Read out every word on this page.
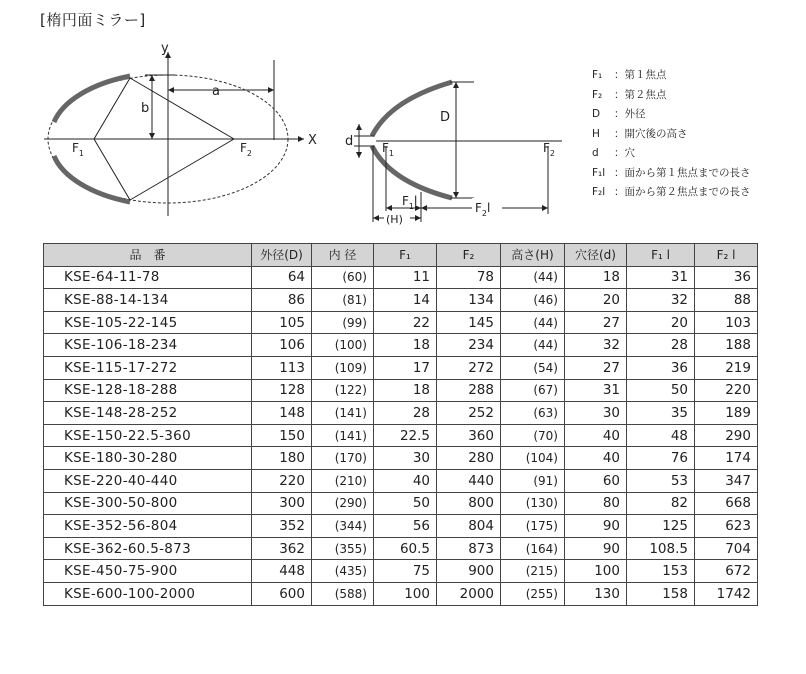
[楕円面ミラー]
y
X
a
b
$F_1$	$F_2$
D
d $F_1$	$F_2$
$F_1l$	$F_2l$
(H)
F₁ ：第１焦点
F₂ ：第２焦点
D ：外径
H ：開穴後の高さ
d ：穴
F₁l ：面から第１焦点までの長さ
F₂l ：面から第２焦点までの長さ
品　番	外径(D)	内 径	F₁	F₂	高さ(H)	穴径(d)	F₁ l	F₂ l
KSE-64-11-78	64	(60)	11	78	(44)	18	31	36
KSE-88-14-134	86	(81)	14	134	(46)	20	32	88
KSE-105-22-145	105	(99)	22	145	(44)	27	20	103
KSE-106-18-234	106	(100)	18	234	(44)	32	28	188
KSE-115-17-272	113	(109)	17	272	(54)	27	36	219
KSE-128-18-288	128	(122)	18	288	(67)	31	50	220
KSE-148-28-252	148	(141)	28	252	(63)	30	35	189
KSE-150-22.5-360	150	(141)	22.5	360	(70)	40	48	290
KSE-180-30-280	180	(170)	30	280	(104)	40	76	174
KSE-220-40-440	220	(210)	40	440	(91)	60	53	347
KSE-300-50-800	300	(290)	50	800	(130)	80	82	668
KSE-352-56-804	352	(344)	56	804	(175)	90	125	623
KSE-362-60.5-873	362	(355)	60.5	873	(164)	90	108.5	704
KSE-450-75-900	448	(435)	75	900	(215)	100	153	672
KSE-600-100-2000	600	(588)	100	2000	(255)	130	158	1742
